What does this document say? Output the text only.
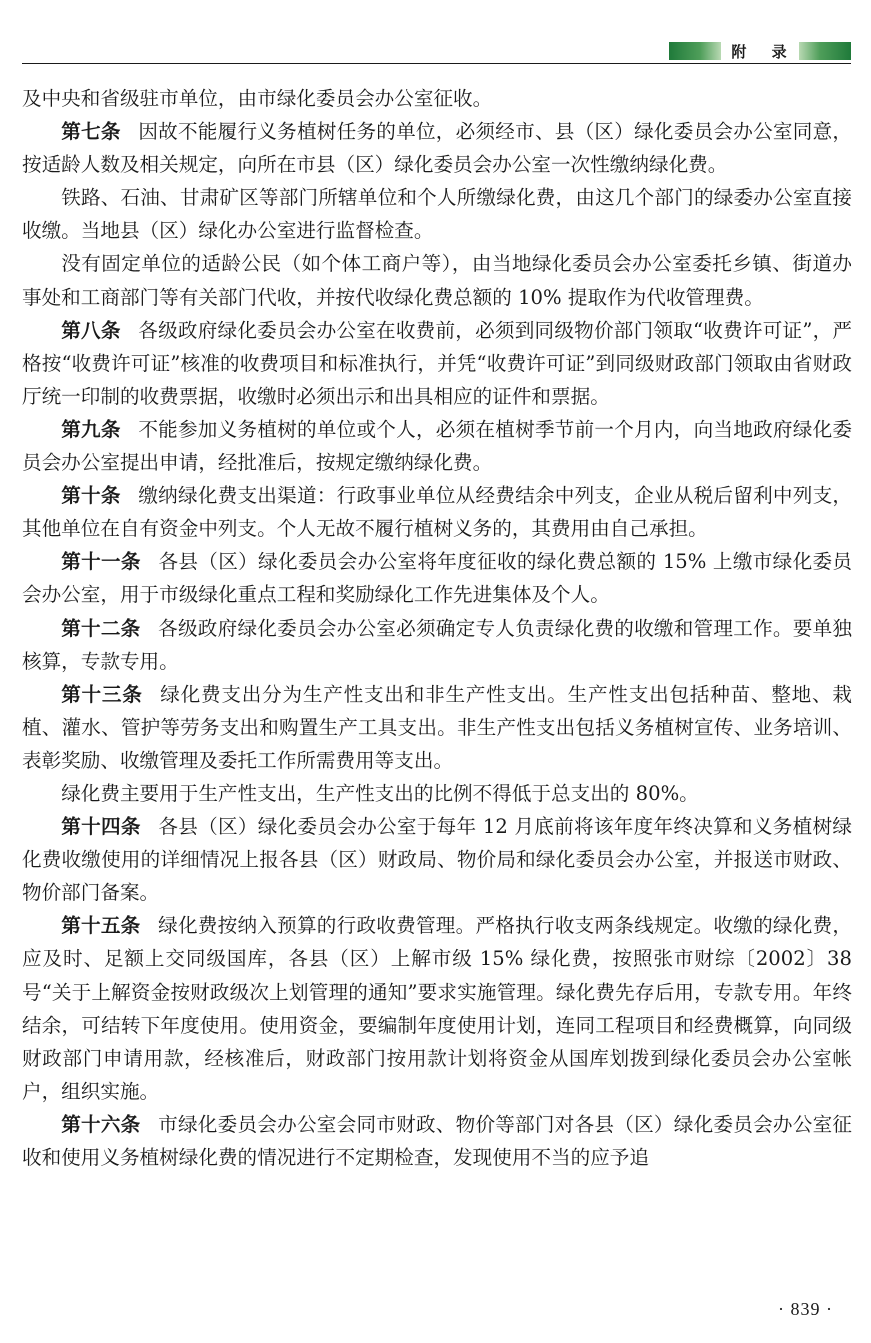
附 录

及中央和省级驻市单位，由市绿化委员会办公室征收。

第七条 因故不能履行义务植树任务的单位，必须经市、县（区）绿化委员会办公室同意，按适龄人数及相关规定，向所在市县（区）绿化委员会办公室一次性缴纳绿化费。

铁路、石油、甘肃矿区等部门所辖单位和个人所缴绿化费，由这几个部门的绿委办公室直接收缴。当地县（区）绿化办公室进行监督检查。

没有固定单位的适龄公民（如个体工商户等），由当地绿化委员会办公室委托乡镇、街道办事处和工商部门等有关部门代收，并按代收绿化费总额的 10% 提取作为代收管理费。

第八条 各级政府绿化委员会办公室在收费前，必须到同级物价部门领取“收费许可证”，严格按“收费许可证”核准的收费项目和标准执行，并凭“收费许可证”到同级财政部门领取由省财政厅统一印制的收费票据，收缴时必须出示和出具相应的证件和票据。

第九条 不能参加义务植树的单位或个人，必须在植树季节前一个月内，向当地政府绿化委员会办公室提出申请，经批准后，按规定缴纳绿化费。

第十条 缴纳绿化费支出渠道：行政事业单位从经费结余中列支，企业从税后留利中列支，其他单位在自有资金中列支。个人无故不履行植树义务的，其费用由自己承担。

第十一条 各县（区）绿化委员会办公室将年度征收的绿化费总额的 15% 上缴市绿化委员会办公室，用于市级绿化重点工程和奖励绿化工作先进集体及个人。

第十二条 各级政府绿化委员会办公室必须确定专人负责绿化费的收缴和管理工作。要单独核算，专款专用。

第十三条 绿化费支出分为生产性支出和非生产性支出。生产性支出包括种苗、整地、栽植、灌水、管护等劳务支出和购置生产工具支出。非生产性支出包括义务植树宣传、业务培训、表彰奖励、收缴管理及委托工作所需费用等支出。

绿化费主要用于生产性支出，生产性支出的比例不得低于总支出的 80%。

第十四条 各县（区）绿化委员会办公室于每年 12 月底前将该年度年终决算和义务植树绿化费收缴使用的详细情况上报各县（区）财政局、物价局和绿化委员会办公室，并报送市财政、物价部门备案。

第十五条 绿化费按纳入预算的行政收费管理。严格执行收支两条线规定。收缴的绿化费，应及时、足额上交同级国库，各县（区）上解市级 15% 绿化费，按照张市财综〔2002〕38 号“关于上解资金按财政级次上划管理的通知”要求实施管理。绿化费先存后用，专款专用。年终结余，可结转下年度使用。使用资金，要编制年度使用计划，连同工程项目和经费概算，向同级财政部门申请用款，经核准后，财政部门按用款计划将资金从国库划拨到绿化委员会办公室帐户，组织实施。

第十六条 市绿化委员会办公室会同市财政、物价等部门对各县（区）绿化委员会办公室征收和使用义务植树绿化费的情况进行不定期检查，发现使用不当的应予追

· 839 ·
